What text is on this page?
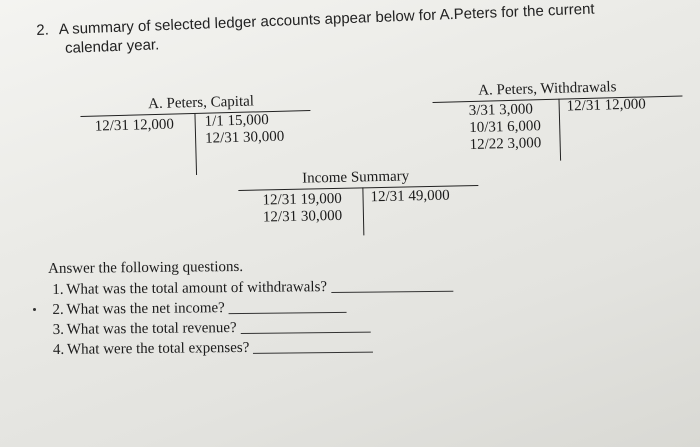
2. A summary of selected ledger accounts appear below for A.Peters for the current
calendar year.
A. Peters, Capital
12/31 12,000 1/1 15,000
12/31 30,000
A. Peters, Withdrawals
3/31 3,000
10/31 6,000
12/22 3,000
12/31 12,000
Income Summary
12/31 19,000
12/31 30,000
12/31 49,000
Answer the following questions.
1. What was the total amount of withdrawals?
2. What was the net income?
3. What was the total revenue?
4. What were the total expenses?
